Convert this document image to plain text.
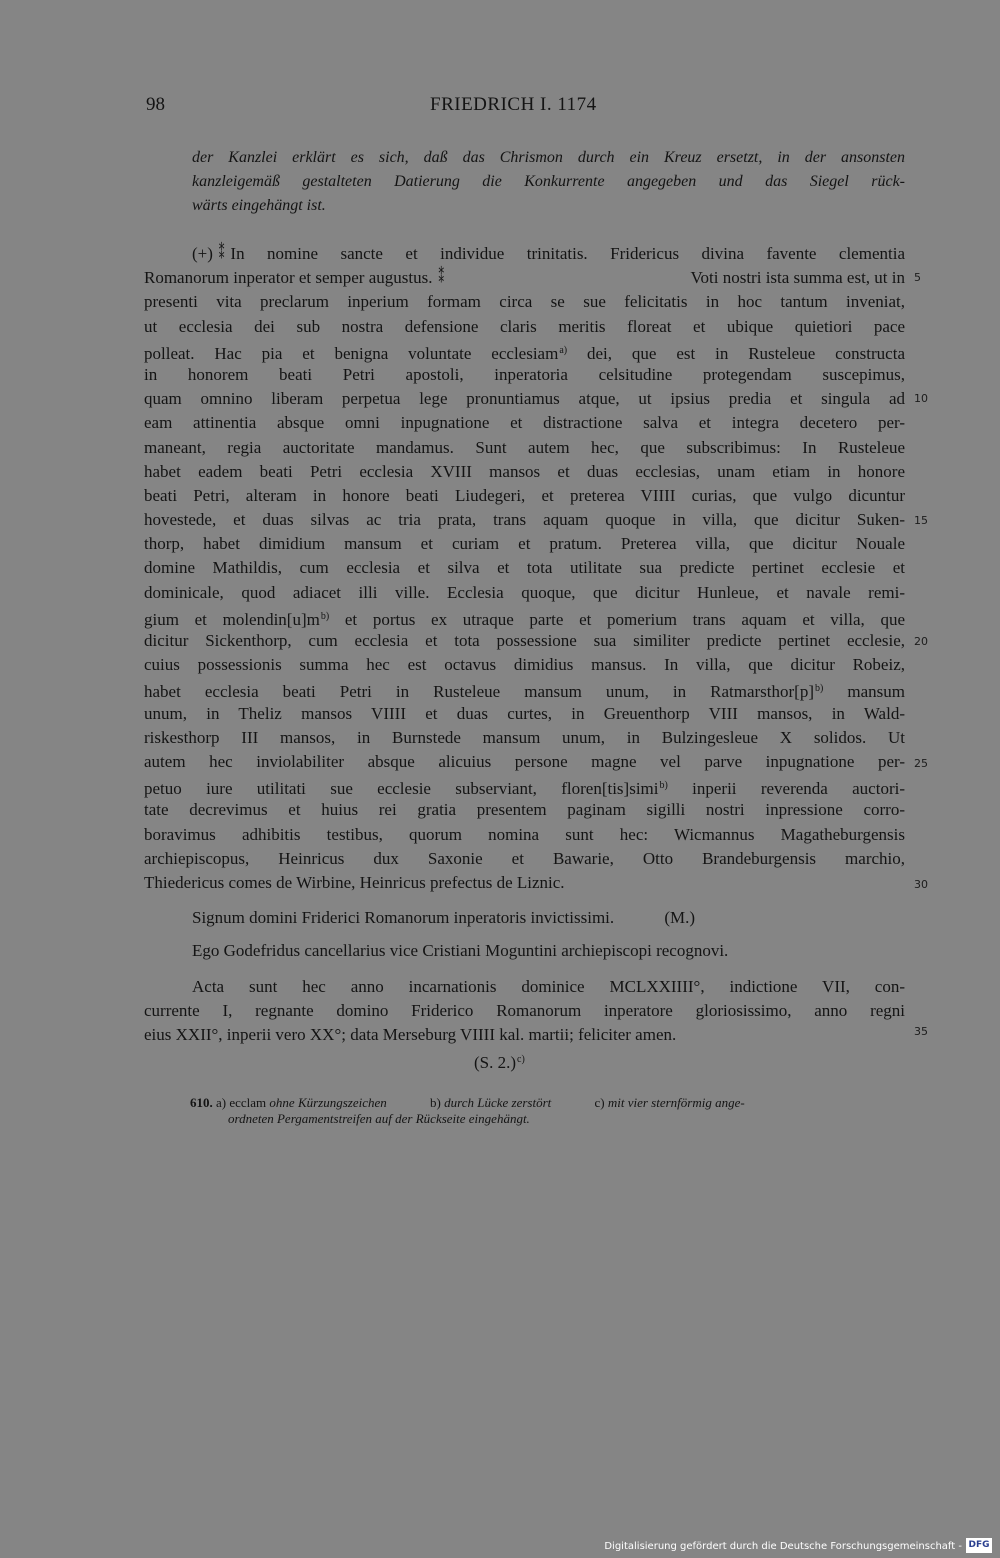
98	FRIEDRICH I. 1174
der Kanzlei erklärt es sich, daß das Chrismon durch ein Kreuz ersetzt, in der ansonsten
kanzleigemäß gestalteten Datierung die Konkurrente angegeben und das Siegel rück-
wärts eingehängt ist.
(+) ⁑ In nomine sancte et individue trinitatis. Fridericus divina favente clementia
Romanorum inperator et semper augustus. ⁑	Voti nostri ista summa est, ut in
presenti vita preclarum inperium formam circa se sue felicitatis in hoc tantum inveniat,
ut ecclesia dei sub nostra defensione claris meritis floreat et ubique quietiori pace
polleat. Hac pia et benigna voluntate ecclesiam$^{a)}$ dei, que est in Rusteleue constructa
in honorem beati Petri apostoli, inperatoria celsitudine protegendam suscepimus,
quam omnino liberam perpetua lege pronuntiamus atque, ut ipsius predia et singula ad
eam attinentia absque omni inpugnatione et distractione salva et integra decetero per-
maneant, regia auctoritate mandamus. Sunt autem hec, que subscribimus: In Rusteleue
habet eadem beati Petri ecclesia XVIII mansos et duas ecclesias, unam etiam in honore
beati Petri, alteram in honore beati Liudegeri, et preterea VIIII curias, que vulgo dicuntur
hovestede, et duas silvas ac tria prata, trans aquam quoque in villa, que dicitur Suken-
thorp, habet dimidium mansum et curiam et pratum. Preterea villa, que dicitur Nouale
domine Mathildis, cum ecclesia et silva et tota utilitate sua predicte pertinet ecclesie et
dominicale, quod adiacet illi ville. Ecclesia quoque, que dicitur Hunleue, et navale remi-
gium et molendin[u]m$^{b)}$ et portus ex utraque parte et pomerium trans aquam et villa, que
dicitur Sickenthorp, cum ecclesia et tota possessione sua similiter predicte pertinet ecclesie,
cuius possessionis summa hec est octavus dimidius mansus. In villa, que dicitur Robeiz,
habet ecclesia beati Petri in Rusteleue mansum unum, in Ratmarsthor[p]$^{b)}$ mansum
unum, in Theliz mansos VIIII et duas curtes, in Greuenthorp VIII mansos, in Wald-
riskesthorp III mansos, in Burnstede mansum unum, in Bulzingesleue X solidos. Ut
autem hec inviolabiliter absque alicuius persone magne vel parve inpugnatione per-
petuo iure utilitati sue ecclesie subserviant, floren[tis]simi$^{b)}$ inperii reverenda auctori-
tate decrevimus et huius rei gratia presentem paginam sigilli nostri inpressione corro-
boravimus adhibitis testibus, quorum nomina sunt hec: Wicmannus Magatheburgensis
archiepiscopus, Heinricus dux Saxonie et Bawarie, Otto Brandeburgensis marchio,
Thiedericus comes de Wirbine, Heinricus prefectus de Liznic.
5
10
15
20
25
30
35
Signum domini Friderici Romanorum inperatoris invictissimi.	(M.)
Ego Godefridus cancellarius vice Cristiani Moguntini archiepiscopi recognovi.
Acta sunt hec anno incarnationis dominice MCLXXIIII°, indictione VII, con-
currente I, regnante domino Friderico Romanorum inperatore gloriosissimo, anno regni
eius XXII°, inperii vero XX°; data Merseburg VIIII kal. martii; feliciter amen.
(S. 2.)$^{c)}$
610. a) ecclam ohne Kürzungszeichen	b) durch Lücke zerstört	c) mit vier sternförmig ange-
ordneten Pergamentstreifen auf der Rückseite eingehängt.
Digitalisierung gefördert durch die Deutsche Forschungsgemeinschaft - DFG
